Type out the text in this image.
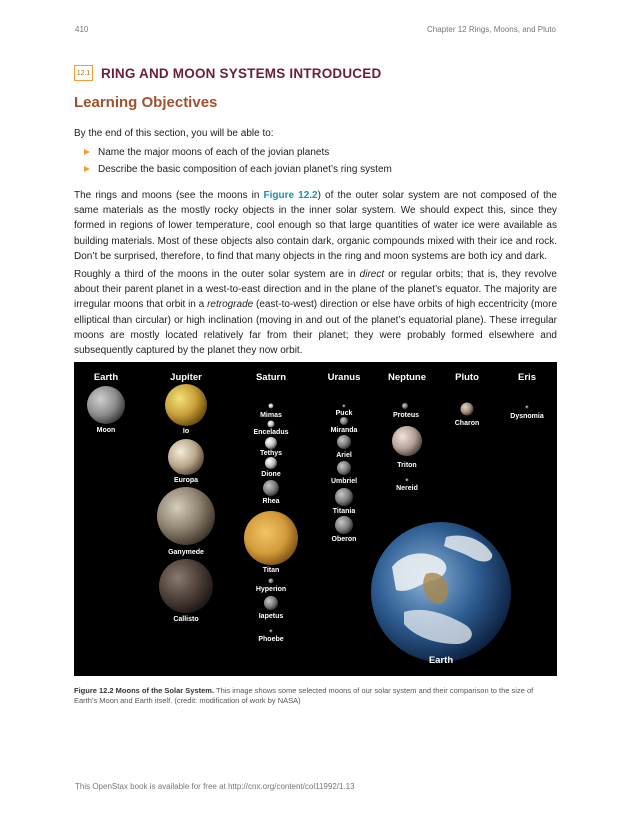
410	Chapter 12 Rings, Moons, and Pluto
12.1 RING AND MOON SYSTEMS INTRODUCED
Learning Objectives
By the end of this section, you will be able to:
Name the major moons of each of the jovian planets
Describe the basic composition of each jovian planet’s ring system

The rings and moons (see the moons in Figure 12.2) of the outer solar system are not composed of the same materials as the mostly rocky objects in the inner solar system. We should expect this, since they formed in regions of lower temperature, cool enough so that large quantities of water ice were available as building materials. Most of these objects also contain dark, organic compounds mixed with their ice and rock. Don’t be surprised, therefore, to find that many objects in the ring and moon systems are both icy and dark.

Roughly a third of the moons in the outer solar system are in direct or regular orbits; that is, they revolve about their parent planet in a west-to-east direction and in the plane of the planet’s equator. The majority are irregular moons that orbit in a retrograde (east-to-west) direction or else have orbits of high eccentricity (more elliptical than circular) or high inclination (moving in and out of the planet’s equatorial plane). These irregular moons are mostly located relatively far from their planet; they were probably formed elsewhere and subsequently captured by the planet they now orbit.

Earth	Jupiter	Saturn	Uranus	Neptune	Pluto	Eris
Moon	Io
Europa
Ganymede
Callisto
Mimas
Enceladus
Tethys
Dione
Rhea
Titan
Hyperion
Iapetus
Phoebe
Earth
Puck
Miranda
Ariel
Umbriel
Titania
Oberon
Proteus
Triton
Nereid
Charon
Dysnomia

Figure 12.2 Moons of the Solar System. This image shows some selected moons of our solar system and their comparison to the size of Earth’s Moon and Earth itself. (credit: modification of work by NASA)

This OpenStax book is available for free at http://cnx.org/content/col11992/1.13
